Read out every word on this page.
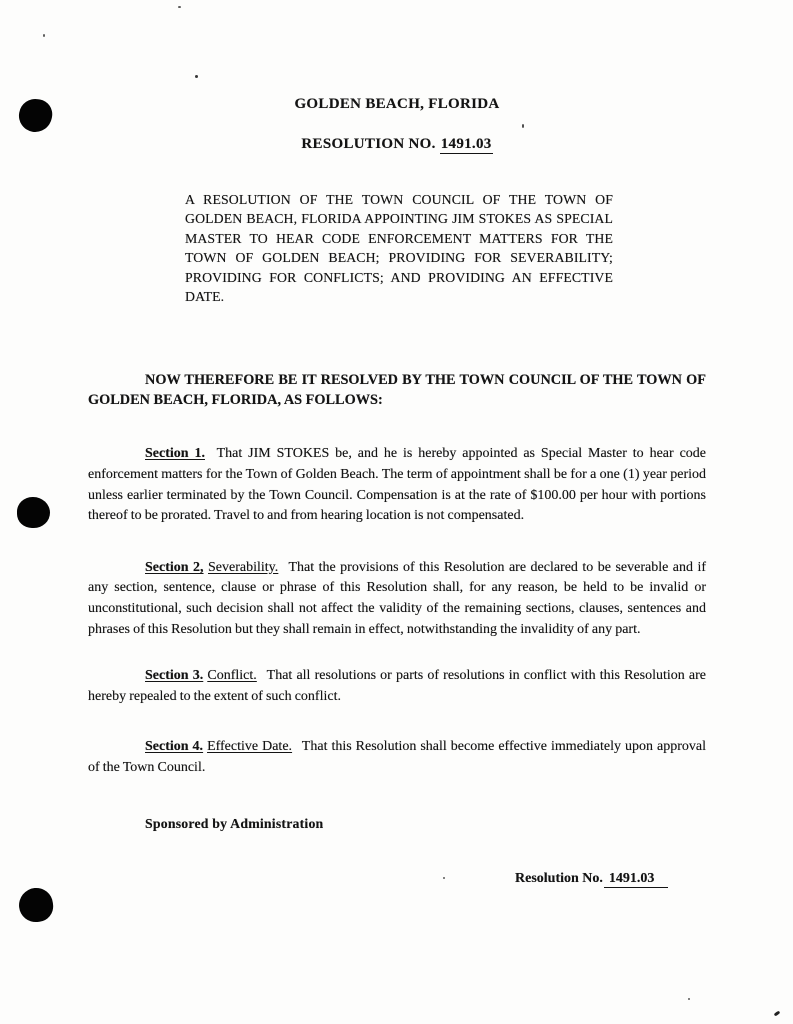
GOLDEN BEACH, FLORIDA
RESOLUTION NO. 1491.03

A RESOLUTION OF THE TOWN COUNCIL OF THE TOWN OF GOLDEN BEACH, FLORIDA APPOINTING JIM STOKES AS SPECIAL MASTER TO HEAR CODE ENFORCEMENT MATTERS FOR THE TOWN OF GOLDEN BEACH; PROVIDING FOR SEVERABILITY; PROVIDING FOR CONFLICTS; AND PROVIDING AN EFFECTIVE DATE.

NOW THEREFORE BE IT RESOLVED BY THE TOWN COUNCIL OF THE TOWN OF GOLDEN BEACH, FLORIDA, AS FOLLOWS:

Section 1. That JIM STOKES be, and he is hereby appointed as Special Master to hear code enforcement matters for the Town of Golden Beach. The term of appointment shall be for a one (1) year period unless earlier terminated by the Town Council. Compensation is at the rate of $100.00 per hour with portions thereof to be prorated. Travel to and from hearing location is not compensated.

Section 2, Severability. That the provisions of this Resolution are declared to be severable and if any section, sentence, clause or phrase of this Resolution shall, for any reason, be held to be invalid or unconstitutional, such decision shall not affect the validity of the remaining sections, clauses, sentences and phrases of this Resolution but they shall remain in effect, notwithstanding the invalidity of any part.

Section 3. Conflict. That all resolutions or parts of resolutions in conflict with this Resolution are hereby repealed to the extent of such conflict.

Section 4. Effective Date. That this Resolution shall become effective immediately upon approval of the Town Council.

Sponsored by Administration

Resolution No. 1491.03
